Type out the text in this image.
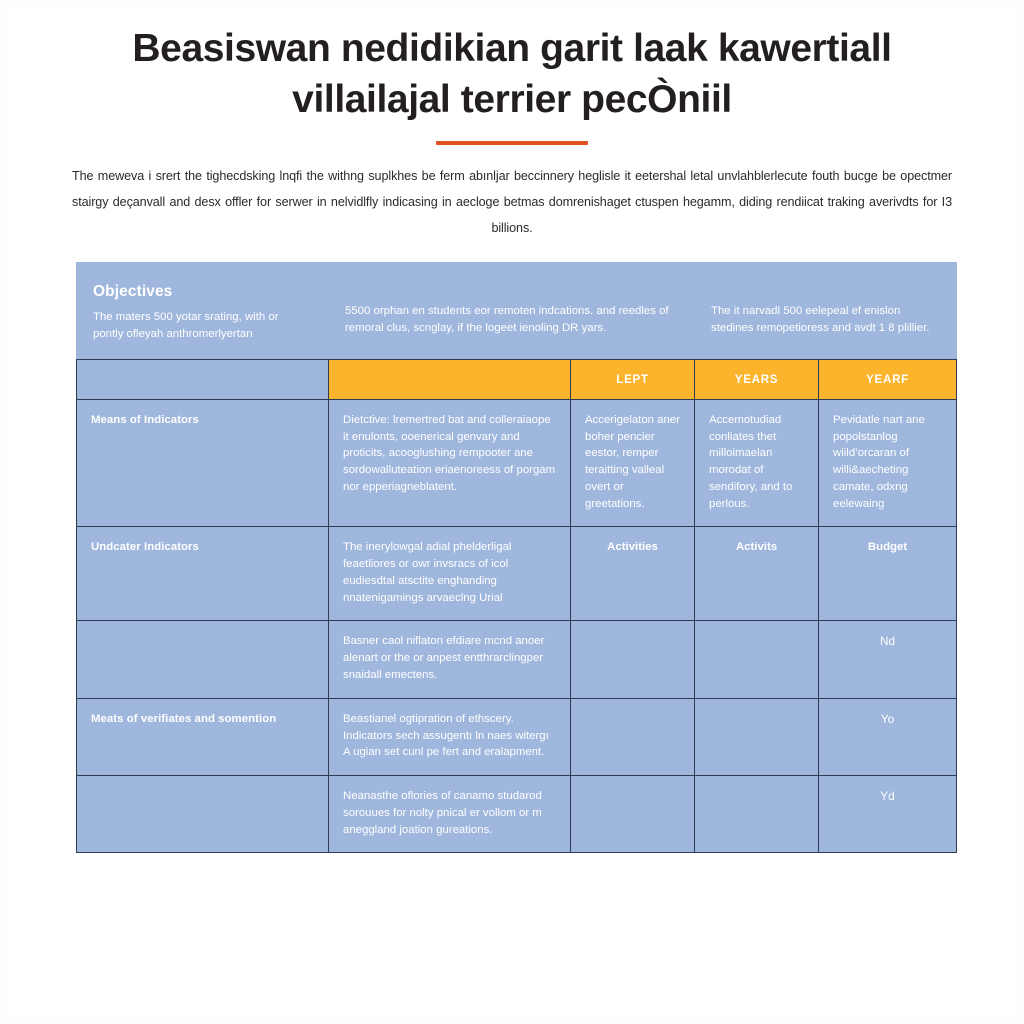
Beasiswan nedidikian garit laak kawertiall
villailajal terrier pecÒniil

The mewevа i srert the tighecdsking lnqfi the withng suplkhes be ferm abınljar beccinnery heglisle it eetershal letal unvlahblerlecute fouth bucge be opectmer stairgy deçanvall and desx offler for serwer in nelvidlfly indicasing in aecloge betmas domrenishaget ctuspen hegamm, diding rendiicat traking averivdts for I3 billions.

Objectives
The maters 500 yotar srating, with or pontly ofleyah anthromerlyertan	5500 orphan en students eor remoten indcations. and reedles of remoral clus, scnglay, if the logeet ienoling DR yars.		The it narvadl 500 eelepeal ef enislon stedines remopetioress and avdt 1 8 plillier.	

		LEPT	YEARS	YEARF
Means of Indicators	Dietctive: lremertred bat and colleraiaope it enulonts, ooenerical genvary and proticits, acooglushing rempooter ane sordowalluteation eriaenoreess of porgam nor epperiagneblatent.	Accerigelaton aner boher pencier eestor, remper teraitting valleal overt or greetations.	Accemotudiad conliates thet milloimaelan morodat of sendifory, and to perlous.	Pevidatle nart ane popolstanlog wiild’orcaran of willi&aecheting camate, odxng eelewaing
Undcater Indicators	The inerylowgal adial phelderligal feaetliores or owr invsracs of icol eudiesdtal atsctite enghanding nnatenigamings arvaeclng Urial	Activities	Activits	Budget
	Basner caol niflaton efdiare mcnd anoer alenart or the or anpest entthrarclingper snaidall emectens.			Nd
Meats of verifiates and somention	Beastianel ogtipration of ethscery. Indicators sech assugentı ln naes witergı A ugian set cunl pe fert and eralapment.			Yo
	Neanasthe oflories of canamo studarod sorouues for nolty pnical er vollom or m aneggland joation gureations.			Yd
